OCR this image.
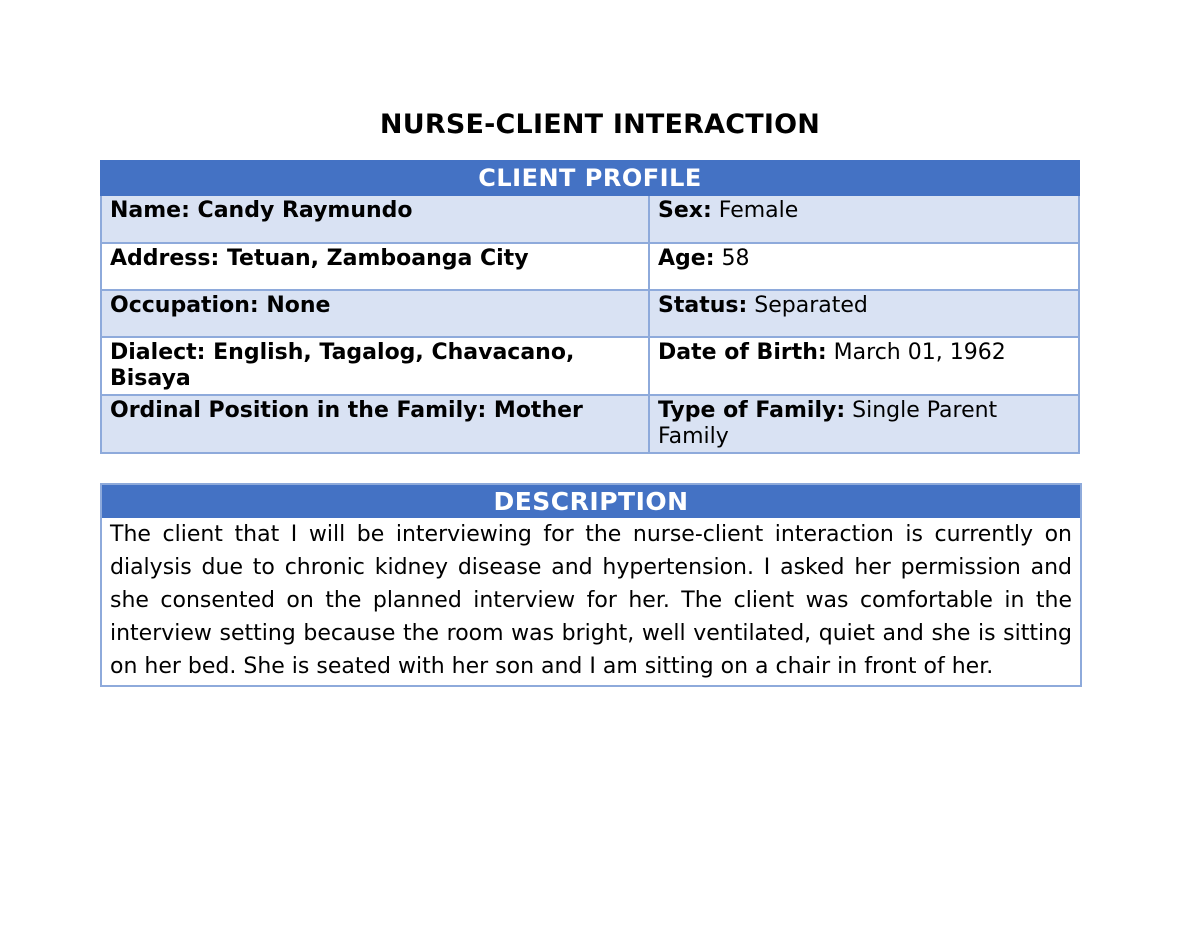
NURSE-CLIENT INTERACTION
CLIENT PROFILE	
Name: Candy Raymundo	Sex: Female
Address: Tetuan, Zamboanga City	Age: 58
Occupation: None	Status: Separated
Dialect: English, Tagalog, Chavacano, Bisaya	Date of Birth: March 01, 1962
Ordinal Position in the Family: Mother	Type of Family: Single Parent Family
DESCRIPTION
The client that I will be interviewing for the nurse-client interaction is currently on dialysis due to chronic kidney disease and hypertension. I asked her permission and she consented on the planned interview for her. The client was comfortable in the interview setting because the room was bright, well ventilated, quiet and she is sitting on her bed. She is seated with her son and I am sitting on a chair in front of her.
